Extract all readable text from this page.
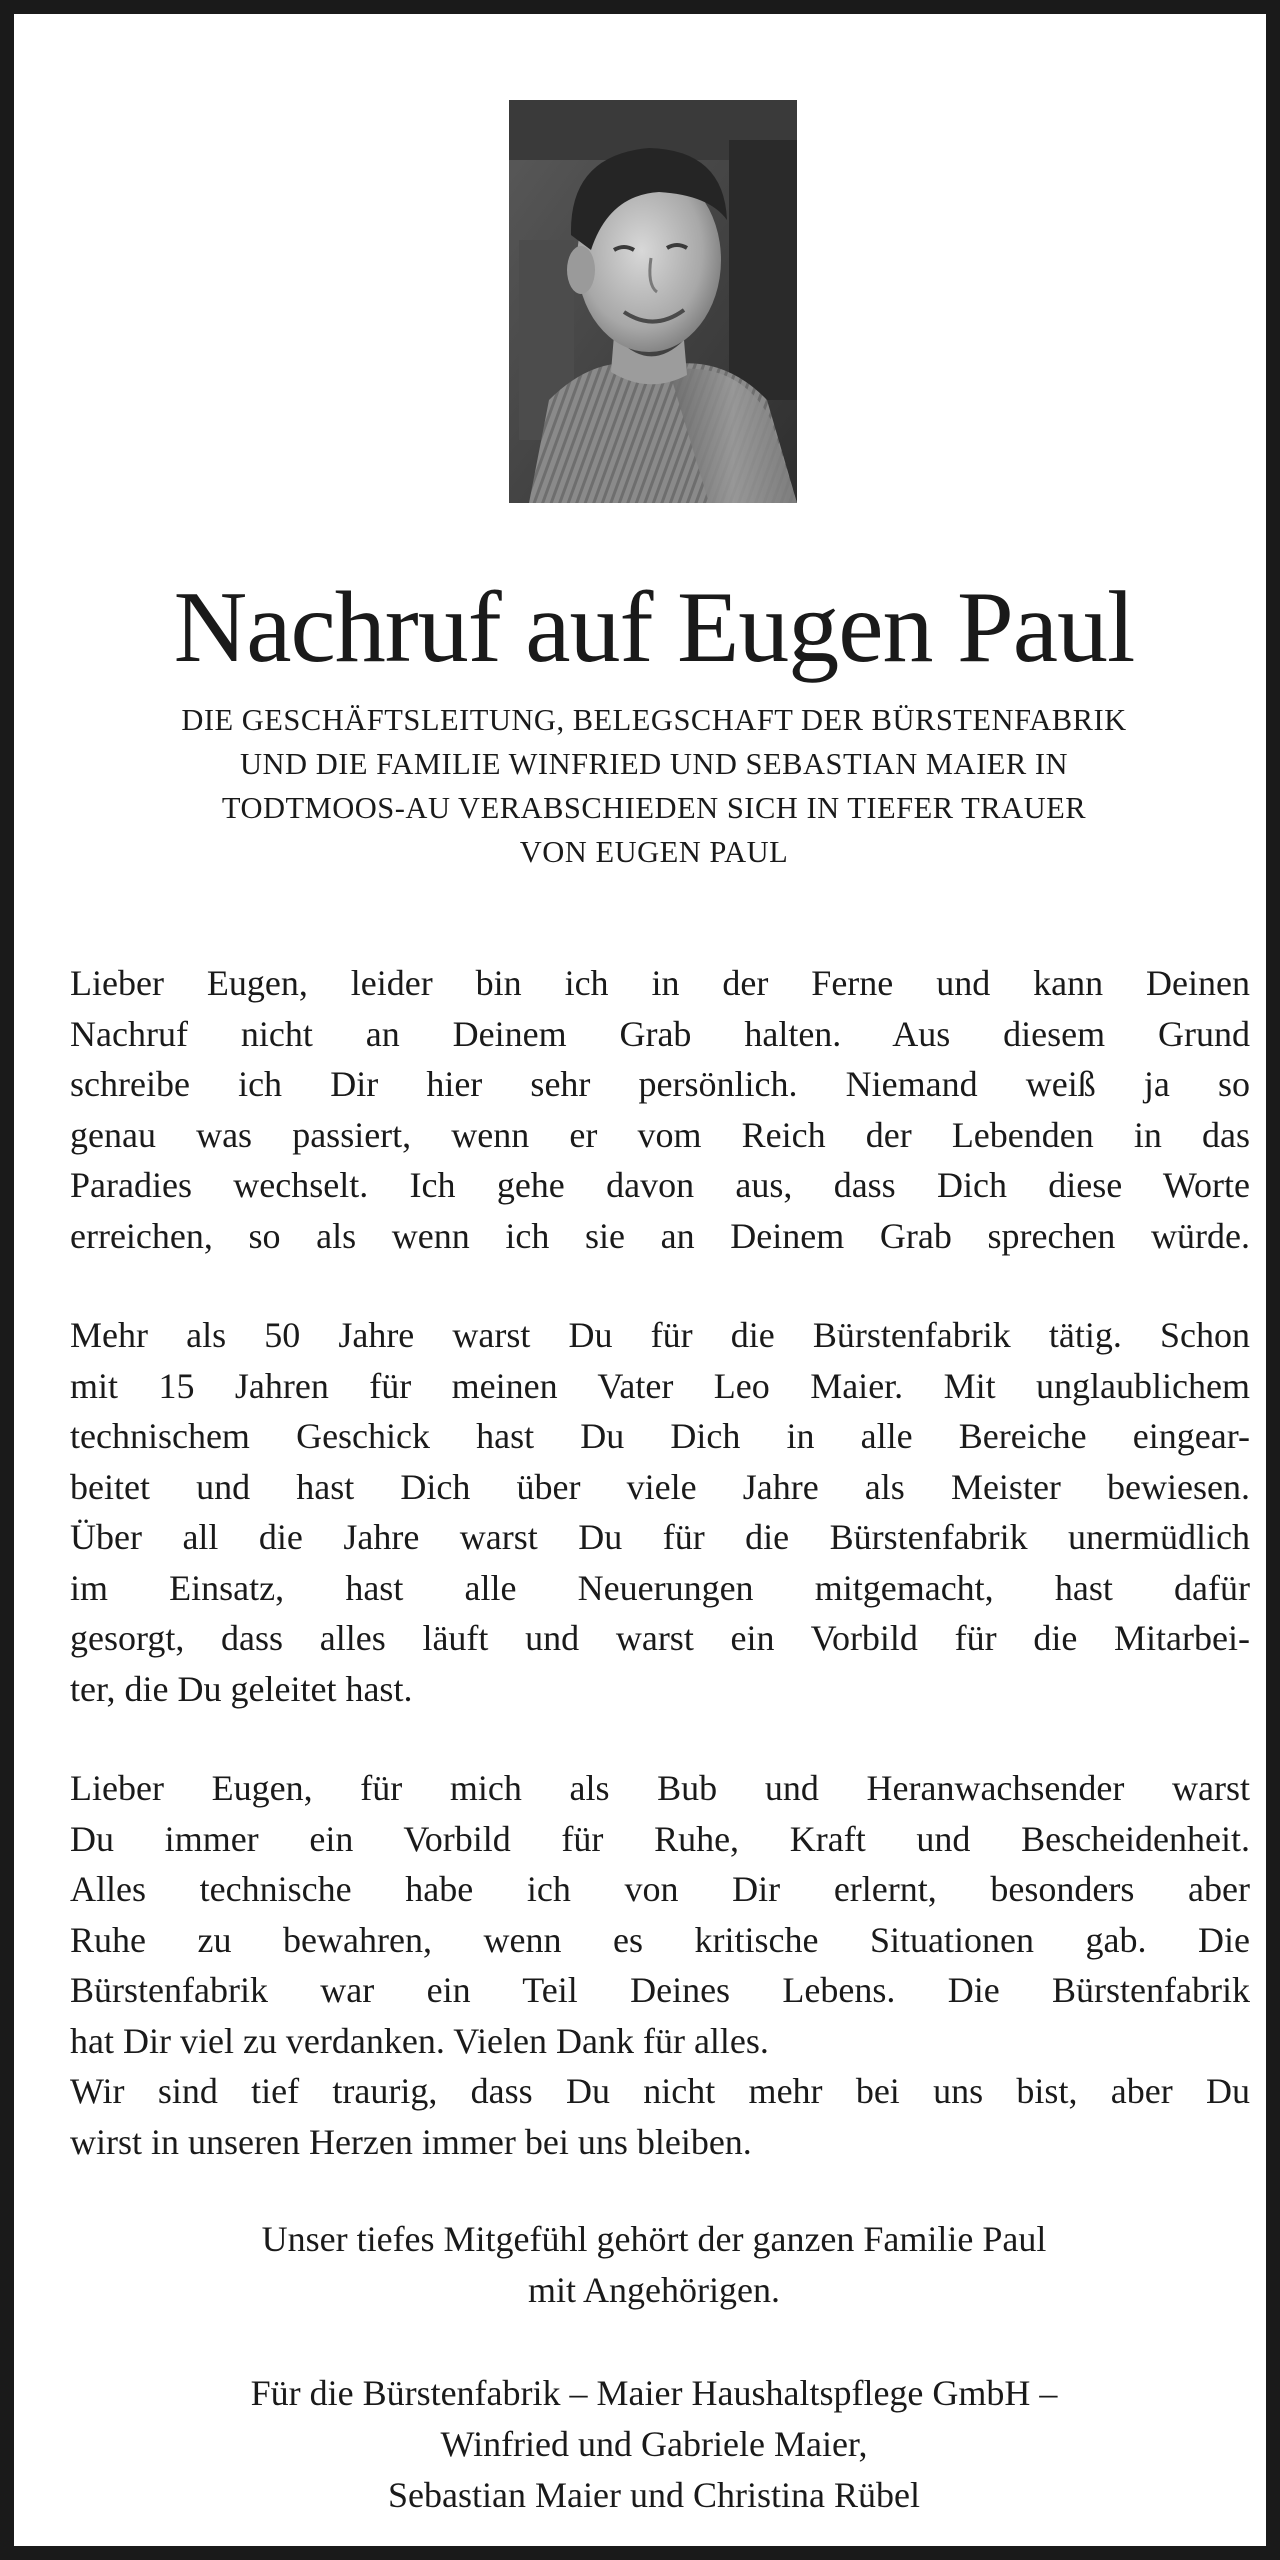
Nachruf auf Eugen Paul
DIE GESCHÄFTSLEITUNG, BELEGSCHAFT DER BÜRSTENFABRIK
UND DIE FAMILIE WINFRIED UND SEBASTIAN MAIER IN
TODTMOOS-AU VERABSCHIEDEN SICH IN TIEFER TRAUER
VON EUGEN PAUL
Lieber Eugen, leider bin ich in der Ferne und kann Deinen
Nachruf nicht an Deinem Grab halten. Aus diesem Grund
schreibe ich Dir hier sehr persönlich. Niemand weiß ja so
genau was passiert, wenn er vom Reich der Lebenden in das
Paradies wechselt. Ich gehe davon aus, dass Dich diese Worte
erreichen, so als wenn ich sie an Deinem Grab sprechen würde.
Mehr als 50 Jahre warst Du für die Bürstenfabrik tätig. Schon
mit 15 Jahren für meinen Vater Leo Maier. Mit unglaublichem
technischem Geschick hast Du Dich in alle Bereiche eingear-
beitet und hast Dich über viele Jahre als Meister bewiesen.
Über all die Jahre warst Du für die Bürstenfabrik unermüdlich
im Einsatz, hast alle Neuerungen mitgemacht, hast dafür
gesorgt, dass alles läuft und warst ein Vorbild für die Mitarbei-
ter, die Du geleitet hast.
Lieber Eugen, für mich als Bub und Heranwachsender warst
Du immer ein Vorbild für Ruhe, Kraft und Bescheidenheit.
Alles technische habe ich von Dir erlernt, besonders aber
Ruhe zu bewahren, wenn es kritische Situationen gab. Die
Bürstenfabrik war ein Teil Deines Lebens. Die Bürstenfabrik
hat Dir viel zu verdanken. Vielen Dank für alles.
Wir sind tief traurig, dass Du nicht mehr bei uns bist, aber Du
wirst in unseren Herzen immer bei uns bleiben.
Unser tiefes Mitgefühl gehört der ganzen Familie Paul
mit Angehörigen.
Für die Bürstenfabrik – Maier Haushaltspflege GmbH –
Winfried und Gabriele Maier,
Sebastian Maier und Christina Rübel
